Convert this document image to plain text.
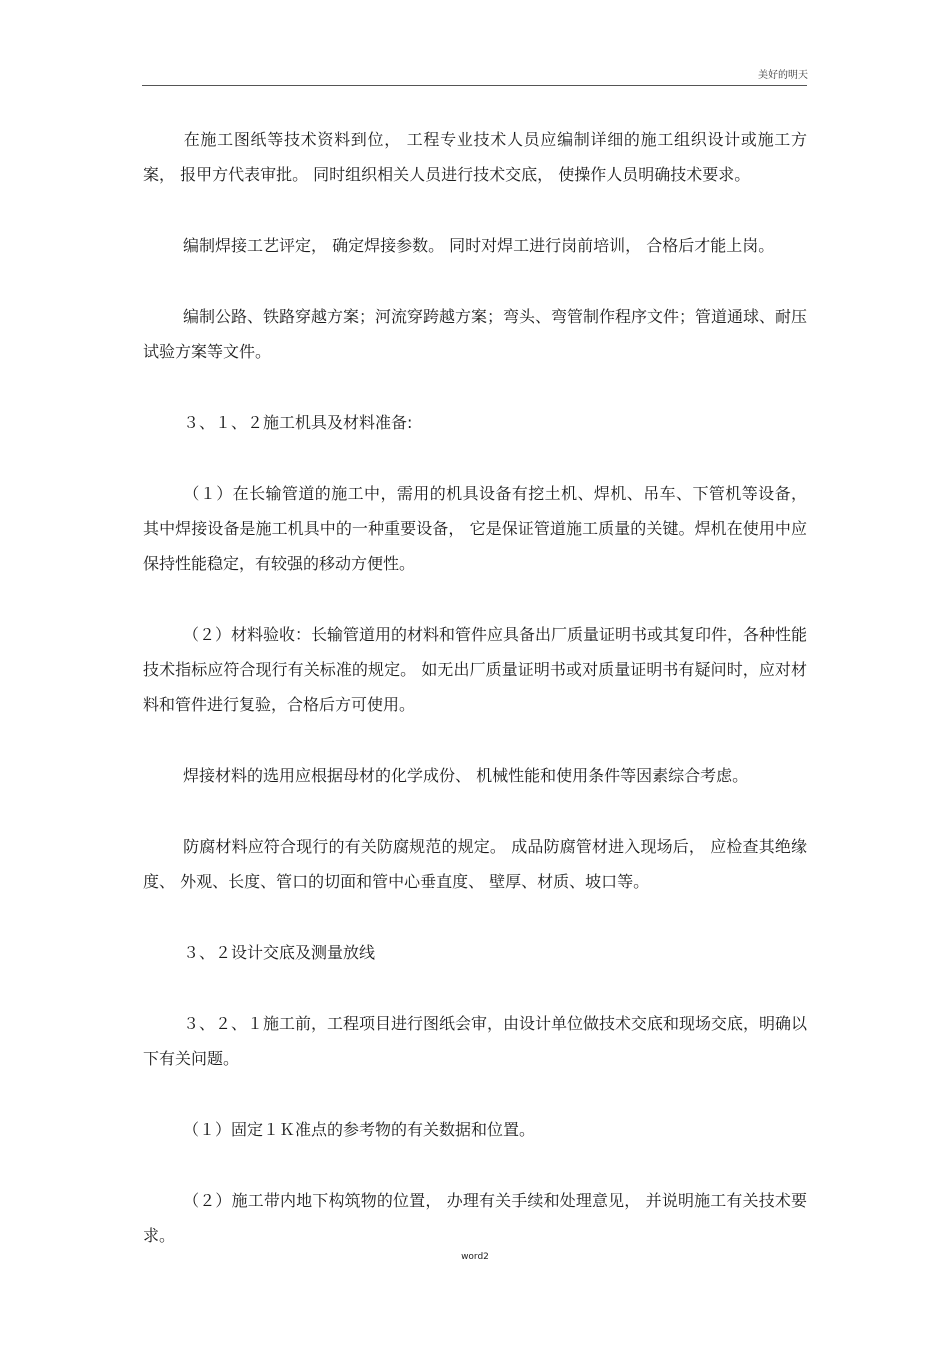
美好的明天

在施工图纸等技术资料到位， 工程专业技术人员应编制详细的施工组织设计或施工方案， 报甲方代表审批。 同时组织相关人员进行技术交底， 使操作人员明确技术要求。

编制焊接工艺评定， 确定焊接参数。 同时对焊工进行岗前培训， 合格后才能上岗。

编制公路、铁路穿越方案；河流穿跨越方案；弯头、弯管制作程序文件；管道通球、耐压试验方案等文件。

３、１、２施工机具及材料准备:

（１）在长输管道的施工中，需用的机具设备有挖土机、焊机、吊车、下管机等设备， 其中焊接设备是施工机具中的一种重要设备， 它是保证管道施工质量的关键。焊机在使用中应保持性能稳定，有较强的移动方便性。

（２）材料验收：长输管道用的材料和管件应具备出厂质量证明书或其复印件，各种性能技术指标应符合现行有关标准的规定。 如无出厂质量证明书或对质量证明书有疑问时，应对材料和管件进行复验，合格后方可使用。

焊接材料的选用应根据母材的化学成份、 机械性能和使用条件等因素综合考虑。

防腐材料应符合现行的有关防腐规范的规定。 成品防腐管材进入现场后， 应检查其绝缘度、 外观、长度、管口的切面和管中心垂直度、 壁厚、材质、坡口等。

３、２设计交底及测量放线

３、２、１施工前，工程项目进行图纸会审，由设计单位做技术交底和现场交底，明确以下有关问题。

（１）固定１Ｋ准点的参考物的有关数据和位置。

（２）施工带内地下构筑物的位置， 办理有关手续和处理意见， 并说明施工有关技术要求。

word2
